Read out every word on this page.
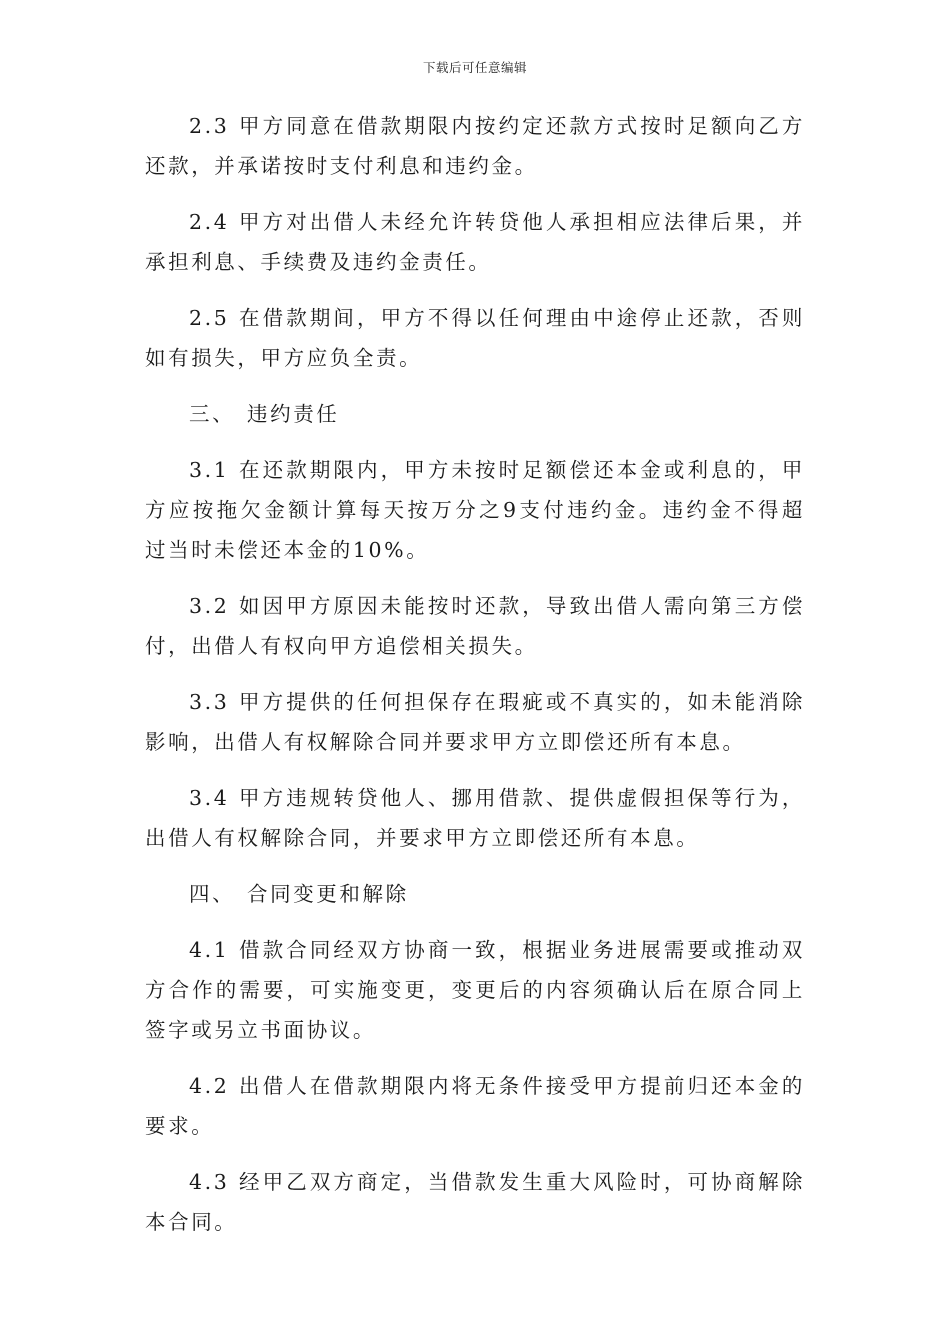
下载后可任意编辑

2.3 甲方同意在借款期限内按约定还款方式按时足额向乙方还款，并承诺按时支付利息和违约金。

2.4 甲方对出借人未经允许转贷他人承担相应法律后果，并承担利息、手续费及违约金责任。

2.5 在借款期间，甲方不得以任何理由中途停止还款，否则如有损失，甲方应负全责。

三、 违约责任

3.1 在还款期限内，甲方未按时足额偿还本金或利息的，甲方应按拖欠金额计算每天按万分之9支付违约金。违约金不得超过当时未偿还本金的10%。

3.2 如因甲方原因未能按时还款，导致出借人需向第三方偿付，出借人有权向甲方追偿相关损失。

3.3 甲方提供的任何担保存在瑕疵或不真实的，如未能消除影响，出借人有权解除合同并要求甲方立即偿还所有本息。

3.4 甲方违规转贷他人、挪用借款、提供虚假担保等行为，出借人有权解除合同，并要求甲方立即偿还所有本息。

四、 合同变更和解除

4.1 借款合同经双方协商一致，根据业务进展需要或推动双方合作的需要，可实施变更，变更后的内容须确认后在原合同上签字或另立书面协议。

4.2 出借人在借款期限内将无条件接受甲方提前归还本金的要求。

4.3 经甲乙双方商定，当借款发生重大风险时，可协商解除本合同。
